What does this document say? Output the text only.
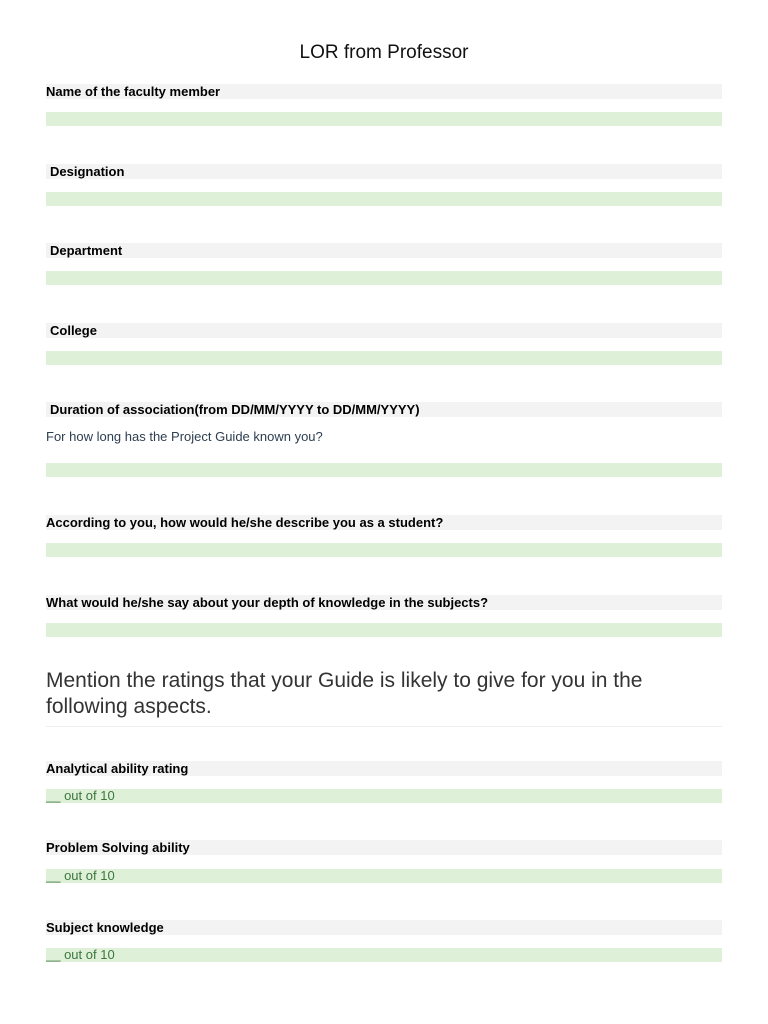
LOR from Professor
Name of the faculty member
Designation
Department
College
Duration of association(from DD/MM/YYYY to DD/MM/YYYY)
For how long has the Project Guide known you?
According to you, how would he/she describe you as a student?
What would he/she say about your depth of knowledge in the subjects?
Mention the ratings that your Guide is likely to give for you in the following aspects.
Analytical ability rating
__ out of 10
Problem Solving ability
__ out of 10
Subject knowledge
__ out of 10
